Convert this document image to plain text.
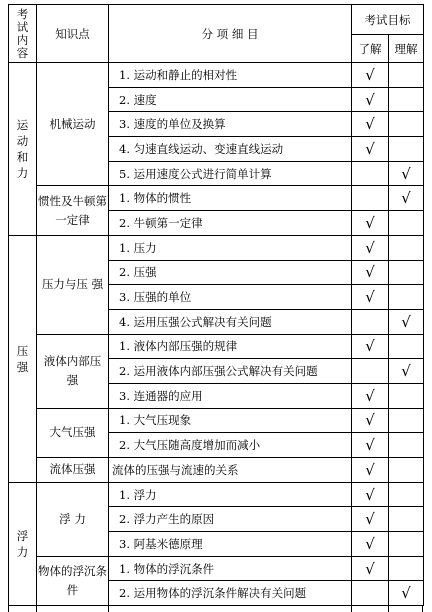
考试内容	知识点	分 项 细 目	考试目标	
			了解	理解

运动和力	机械运动	1. 运动和静止的相对性	√	
		2. 速度	√	
		3. 速度的单位及换算	√	
		4. 匀速直线运动、变速直线运动	√	
		5. 运用速度公式进行简单计算		√
	惯性及牛顿第一定律	1. 物体的惯性		√
		2. 牛顿第一定律	√	

压强	压力与压 强	1. 压力	√	
		2. 压强	√	
		3. 压强的单位	√	
		4. 运用压强公式解决有关问题		√
	液体内部压 强	1. 液体内部压强的规律	√	
		2. 运用液体内部压强公式解决有关问题		√
		3. 连通器的应用	√	
	大气压强	1. 大气压现象	√	
		2. 大气压随高度增加而减小	√	
	流体压强	流体的压强与流速的关系	√	

浮力	浮 力	1. 浮力	√	
		2. 浮力产生的原因	√	
		3. 阿基米德原理	√	
	物体的浮沉条件	1. 物体的浮沉条件	√	
		2. 运用物体的浮沉条件解决有关问题		√
